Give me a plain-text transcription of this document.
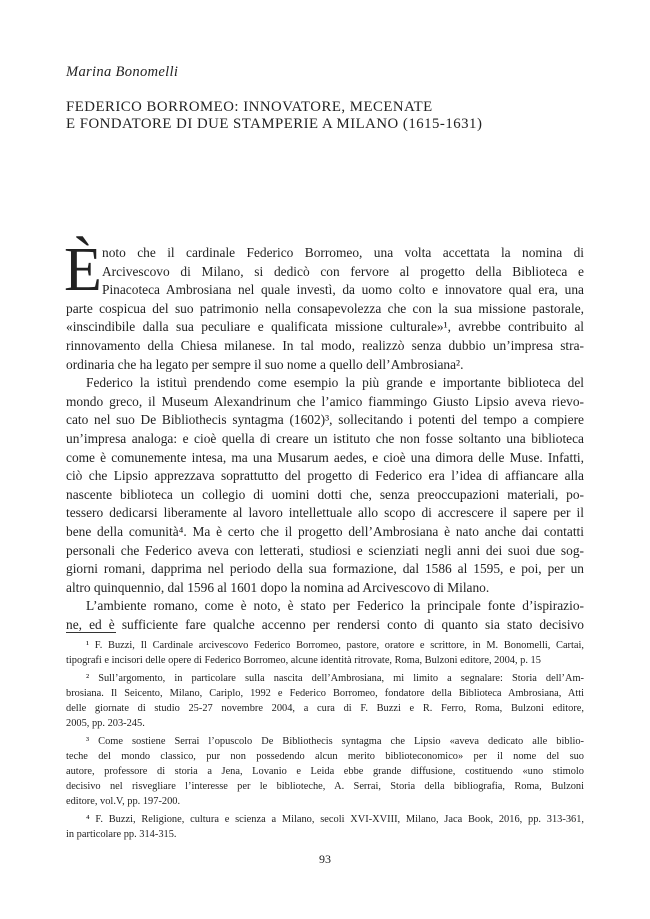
Marina Bonomelli
FEDERICO BORROMEO: INNOVATORE, MECENATE
E FONDATORE DI DUE STAMPERIE A MILANO (1615-1631)
È noto che il cardinale Federico Borromeo, una volta accettata la nomina di
Arcivescovo di Milano, si dedicò con fervore al progetto della Biblioteca e
Pinacoteca Ambrosiana nel quale investì, da uomo colto e innovatore qual era, una
parte cospicua del suo patrimonio nella consapevolezza che con la sua missione pastorale,
«inscindibile dalla sua peculiare e qualificata missione culturale»¹, avrebbe contribuito al
rinnovamento della Chiesa milanese. In tal modo, realizzò senza dubbio un’impresa stra-
ordinaria che ha legato per sempre il suo nome a quello dell’Ambrosiana².
Federico la istituì prendendo come esempio la più grande e importante biblioteca del
mondo greco, il Museum Alexandrinum che l’amico fiammingo Giusto Lipsio aveva rievo-
cato nel suo De Bibliothecis syntagma (1602)³, sollecitando i potenti del tempo a compiere
un’impresa analoga: e cioè quella di creare un istituto che non fosse soltanto una biblioteca
come è comunemente intesa, ma una Musarum aedes, e cioè una dimora delle Muse. Infatti,
ciò che Lipsio apprezzava soprattutto del progetto di Federico era l’idea di affiancare alla
nascente biblioteca un collegio di uomini dotti che, senza preoccupazioni materiali, po-
tessero dedicarsi liberamente al lavoro intellettuale allo scopo di accrescere il sapere per il
bene della comunità⁴. Ma è certo che il progetto dell’Ambrosiana è nato anche dai contatti
personali che Federico aveva con letterati, studiosi e scienziati negli anni dei suoi due sog-
giorni romani, dapprima nel periodo della sua formazione, dal 1586 al 1595, e poi, per un
altro quinquennio, dal 1596 al 1601 dopo la nomina ad Arcivescovo di Milano.
L’ambiente romano, come è noto, è stato per Federico la principale fonte d’ispirazio-
ne, ed è sufficiente fare qualche accenno per rendersi conto di quanto sia stato decisivo
¹ F. Buzzi, Il Cardinale arcivescovo Federico Borromeo, pastore, oratore e scrittore, in M. Bonomelli, Cartai,
tipografi e incisori delle opere di Federico Borromeo, alcune identità ritrovate, Roma, Bulzoni editore, 2004, p. 15
² Sull’argomento, in particolare sulla nascita dell’Ambrosiana, mi limito a segnalare: Storia dell’Am-
brosiana. Il Seicento, Milano, Cariplo, 1992 e Federico Borromeo, fondatore della Biblioteca Ambrosiana, Atti
delle giornate di studio 25-27 novembre 2004, a cura di F. Buzzi e R. Ferro, Roma, Bulzoni editore,
2005, pp. 203-245.
³ Come sostiene Serrai l’opuscolo De Bibliothecis syntagma che Lipsio «aveva dedicato alle biblio-
teche del mondo classico, pur non possedendo alcun merito biblioteconomico» per il nome del suo
autore, professore di storia a Jena, Lovanio e Leida ebbe grande diffusione, costituendo «uno stimolo
decisivo nel risvegliare l’interesse per le biblioteche, A. Serrai, Storia della bibliografia, Roma, Bulzoni
editore, vol.V, pp. 197-200.
⁴ F. Buzzi, Religione, cultura e scienza a Milano, secoli XVI-XVIII, Milano, Jaca Book, 2016, pp. 313-361,
in particolare pp. 314-315.
93
